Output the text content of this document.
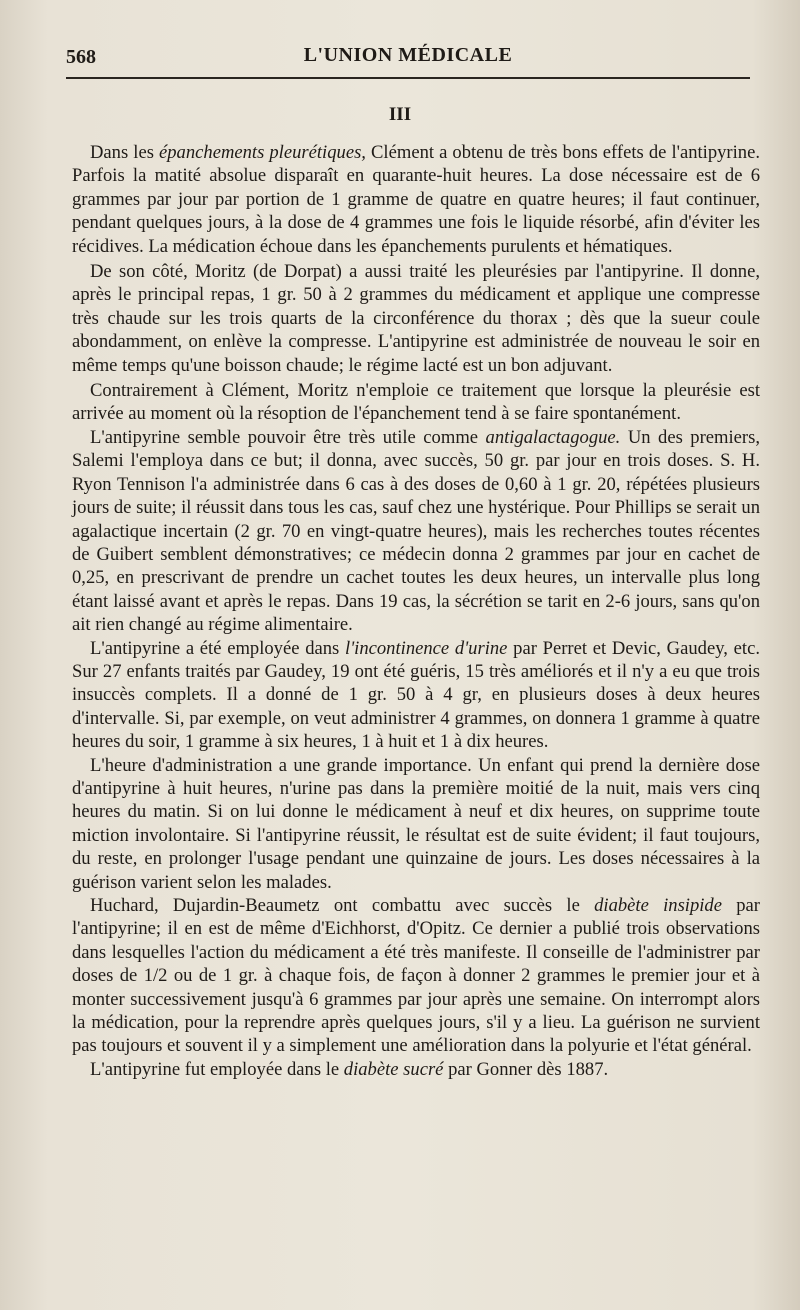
568	L'UNION MÉDICALE
III

Dans les épanchements pleurétiques, Clément a obtenu de très bons effets de l'antipyrine. Parfois la matité absolue disparaît en quarante-huit heures. La dose nécessaire est de 6 grammes par jour par portion de 1 gramme de quatre en quatre heures; il faut continuer, pendant quelques jours, à la dose de 4 grammes une fois le liquide résorbé, afin d'éviter les récidives. La médication échoue dans les épanchements purulents et hématiques.

De son côté, Moritz (de Dorpat) a aussi traité les pleurésies par l'antipyrine. Il donne, après le principal repas, 1 gr. 50 à 2 grammes du médicament et applique une compresse très chaude sur les trois quarts de la circonférence du thorax ; dès que la sueur coule abondamment, on enlève la compresse. L'antipyrine est administrée de nouveau le soir en même temps qu'une boisson chaude; le régime lacté est un bon adjuvant.

Contrairement à Clément, Moritz n'emploie ce traitement que lorsque la pleurésie est arrivée au moment où la résoption de l'épanchement tend à se faire spontanément.

L'antipyrine semble pouvoir être très utile comme antigalactagogue. Un des premiers, Salemi l'employa dans ce but; il donna, avec succès, 50 gr. par jour en trois doses. S. H. Ryon Tennison l'a administrée dans 6 cas à des doses de 0,60 à 1 gr. 20, répétées plusieurs jours de suite; il réussit dans tous les cas, sauf chez une hystérique. Pour Phillips se serait un agalactique incertain (2 gr. 70 en vingt-quatre heures), mais les recherches toutes récentes de Guibert semblent démonstratives; ce médecin donna 2 grammes par jour en cachet de 0,25, en prescrivant de prendre un cachet toutes les deux heures, un intervalle plus long étant laissé avant et après le repas. Dans 19 cas, la sécrétion se tarit en 2-6 jours, sans qu'on ait rien changé au régime alimentaire.

L'antipyrine a été employée dans l'incontinence d'urine par Perret et Devic, Gaudey, etc. Sur 27 enfants traités par Gaudey, 19 ont été guéris, 15 très améliorés et il n'y a eu que trois insuccès complets. Il a donné de 1 gr. 50 à 4 gr, en plusieurs doses à deux heures d'intervalle. Si, par exemple, on veut administrer 4 grammes, on donnera 1 gramme à quatre heures du soir, 1 gramme à six heures, 1 à huit et 1 à dix heures.

L'heure d'administration a une grande importance. Un enfant qui prend la dernière dose d'antipyrine à huit heures, n'urine pas dans la première moitié de la nuit, mais vers cinq heures du matin. Si on lui donne le médicament à neuf et dix heures, on supprime toute miction involontaire. Si l'antipyrine réussit, le résultat est de suite évident; il faut toujours, du reste, en prolonger l'usage pendant une quinzaine de jours. Les doses nécessaires à la guérison varient selon les malades.

Huchard, Dujardin-Beaumetz ont combattu avec succès le diabète insipide par l'antipyrine; il en est de même d'Eichhorst, d'Opitz. Ce dernier a publié trois observations dans lesquelles l'action du médicament a été très manifeste. Il conseille de l'administrer par doses de 1/2 ou de 1 gr. à chaque fois, de façon à donner 2 grammes le premier jour et à monter successivement jusqu'à 6 grammes par jour après une semaine. On interrompt alors la médication, pour la reprendre après quelques jours, s'il y a lieu. La guérison ne survient pas toujours et souvent il y a simplement une amélioration dans la polyurie et l'état général.

L'antipyrine fut employée dans le diabète sucré par Gonner dès 1887.
